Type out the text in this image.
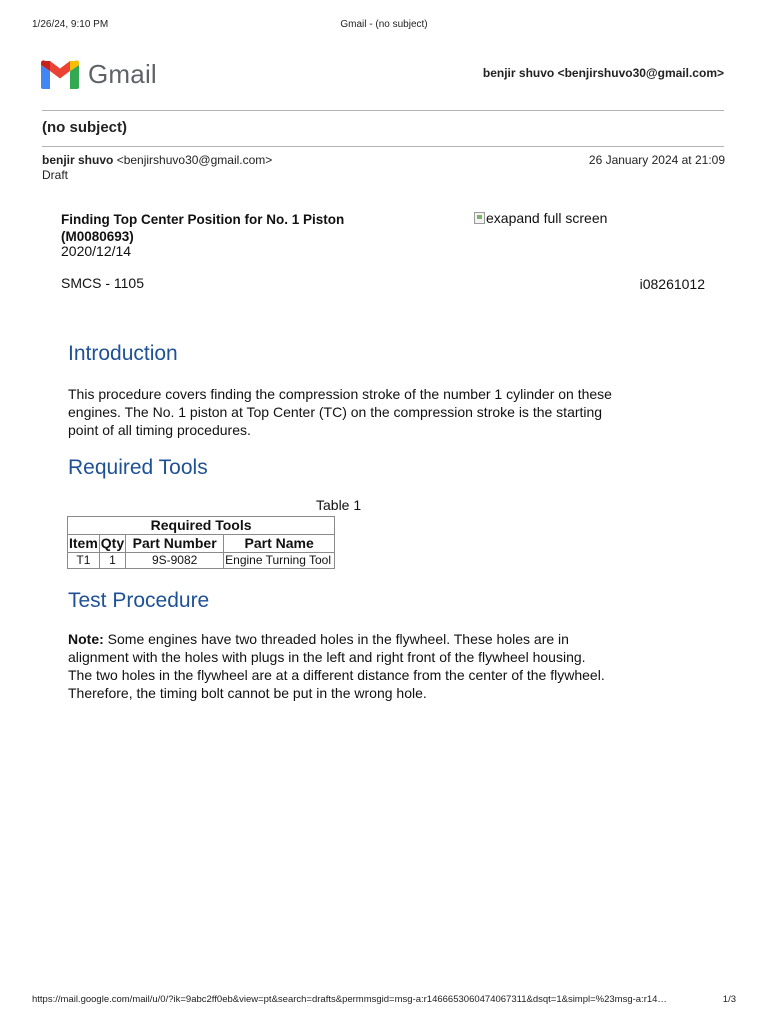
1/26/24, 9:10 PM	Gmail - (no subject)
Gmail	benjir shuvo <benjirshuvo30@gmail.com>
(no subject)
benjir shuvo <benjirshuvo30@gmail.com>
Draft
26 January 2024 at 21:09
Finding Top Center Position for No. 1 Piston (M0080693)
2020/12/14
exapand full screen
SMCS - 1105	i08261012
Introduction
This procedure covers finding the compression stroke of the number 1 cylinder on these engines. The No. 1 piston at Top Center (TC) on the compression stroke is the starting point of all timing procedures.
Required Tools
Table 1
Required Tools			
Item	Qty	Part Number	Part Name
T1	1	9S-9082	Engine Turning Tool
Test Procedure
Note: Some engines have two threaded holes in the flywheel. These holes are in alignment with the holes with plugs in the left and right front of the flywheel housing. The two holes in the flywheel are at a different distance from the center of the flywheel. Therefore, the timing bolt cannot be put in the wrong hole.
https://mail.google.com/mail/u/0/?ik=9abc2ff0eb&view=pt&search=drafts&permmsgid=msg-a:r1466653060474067311&dsqt=1&simpl=%23msg-a:r14…	1/3
